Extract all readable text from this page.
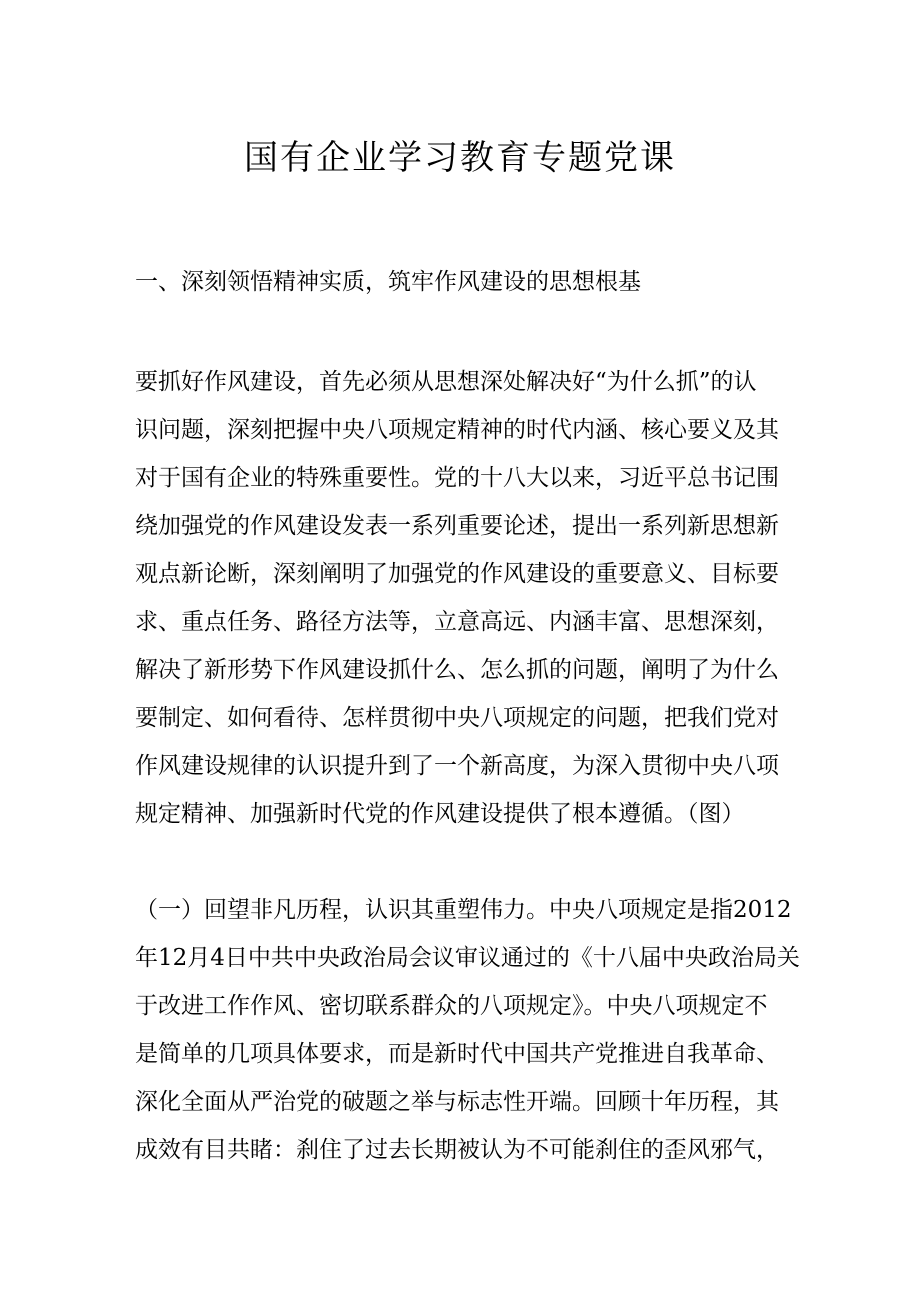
国有企业学习教育专题党课
一、深刻领悟精神实质，筑牢作风建设的思想根基
要抓好作风建设，首先必须从思想深处解决好“为什么抓”的认
识问题，深刻把握中央八项规定精神的时代内涵、核心要义及其
对于国有企业的特殊重要性。党的十八大以来，习近平总书记围
绕加强党的作风建设发表一系列重要论述，提出一系列新思想新
观点新论断，深刻阐明了加强党的作风建设的重要意义、目标要
求、重点任务、路径方法等，立意高远、内涵丰富、思想深刻，
解决了新形势下作风建设抓什么、怎么抓的问题，阐明了为什么
要制定、如何看待、怎样贯彻中央八项规定的问题，把我们党对
作风建设规律的认识提升到了一个新高度，为深入贯彻中央八项
规定精神、加强新时代党的作风建设提供了根本遵循。（图）
（一）回望非凡历程，认识其重塑伟力。中央八项规定是指2012
年12月4日中共中央政治局会议审议通过的《十八届中央政治局关
于改进工作作风、密切联系群众的八项规定》。中央八项规定不
是简单的几项具体要求，而是新时代中国共产党推进自我革命、
深化全面从严治党的破题之举与标志性开端。回顾十年历程，其
成效有目共睹：刹住了过去长期被认为不可能刹住的歪风邪气，
